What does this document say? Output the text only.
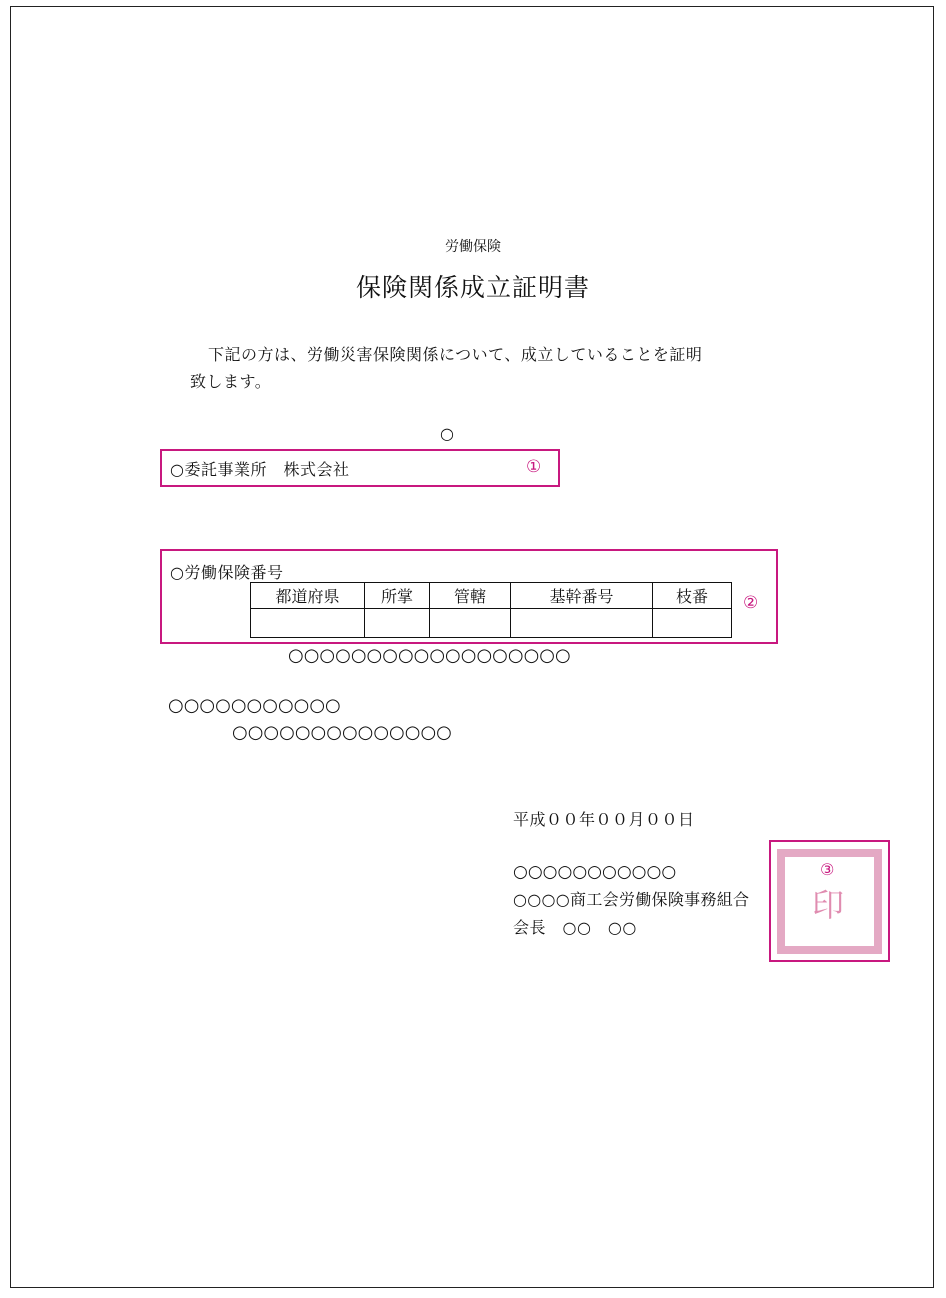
労働保険
保険関係成立証明書
下記の方は、労働災害保険関係について、成立していることを証明
致します。
○
○委託事業所　株式会社	①
○労働保険番号
都道府県	所掌	管轄	基幹番号	枝番
				②
○○○○○○○○○○○○○○○○○○
○○○○○○○○○○○
○○○○○○○○○○○○○○
平成００年００月００日
○○○○○○○○○○○
○○○○商工会労働保険事務組合
会長　○○　○○
③
印
